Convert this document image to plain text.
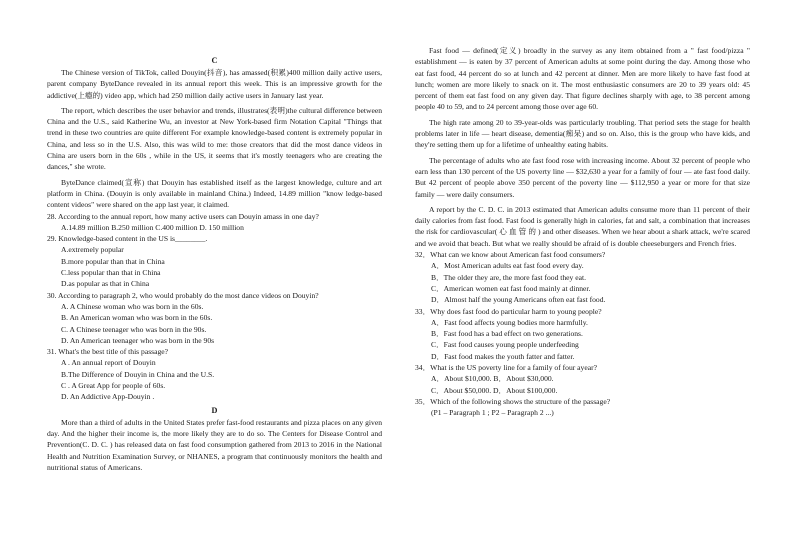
C

The Chinese version of TikTok, called Douyin(抖音), has amassed(积累)400 million daily active users, parent company ByteDance revealed in its annual report this week. This is an impressive growth for the addictive(上瘾的) video app, which had 250 million daily active users in January last year.

The report, which describes the user behavior and trends, illustrates(表明)the cultural difference between China and the U.S., said Katherine Wu, an investor at New York-based firm Notation Capital "Things that trend in these two countries are quite different For example knowledge-based content is extremely popular in China, and less so in the U.S. Also, this was wild to me: those creators that did the most dance videos in China are users born in the 60s , while in the US, it seems that it's mostly teenagers who are creating the dances," she wrote.

ByteDance claimed(宣称) that Douyin has established itself as the largest knowledge, culture and art platform in China. (Douyin is only available in mainland China.) Indeed, 14.89 million "know ledge-based content videos" were shared on the app last year, it claimed.

28. According to the annual report, how many active users can Douyin amass in one day?
A.14.89 million B.250 million C.400 million D. 150 million
29. Knowledge-based content in the US is________.
A.extremely popular
B.more popular than that in China
C.less popular than that in China
D.as popular as that in China
30. According to paragraph 2, who would probably do the most dance videos on Douyin?
A. A Chinese woman who was born in the 60s.
B. An American woman who was born in the 60s.
C. A Chinese teenager who was born in the 90s.
D. An American teenager who was born in the 90s
31. What's the best title of this passage?
A . An annual report of Douyin
B.The Difference of Douyin in China and the U.S.
C . A Great App for people of 60s.
D. An Addictive App-Douyin .
D

More than a third of adults in the United States prefer fast-food restaurants and pizza places on any given day. And the higher their income is, the more likely they are to do so. The Centers for Disease Control and Prevention(C. D. C. ) has released data on fast food consumption gathered from 2013 to 2016 in the National Health and Nutrition Examination Survey, or NHANES, a program that continuously monitors the health and nutritional status of Americans.

Fast food — defined(定义) broadly in the survey as any item obtained from a " fast food/pizza " establishment — is eaten by 37 percent of American adults at some point during the day. Among those who eat fast food, 44 percent do so at lunch and 42 percent at dinner. Men are more likely to have fast food at lunch; women are more likely to snack on it. The most enthusiastic consumers are 20 to 39 years old: 45 percent of them eat fast food on any given day. That figure declines sharply with age, to 38 percent among people 40 to 59, and to 24 percent among those over age 60.

The high rate among 20 to 39-year-olds was particularly troubling. That period sets the stage for health problems later in life — heart disease, dementia(痴呆) and so on. Also, this is the group who have kids, and they're setting them up for a lifetime of unhealthy eating habits.

The percentage of adults who ate fast food rose with increasing income. About 32 percent of people who earn less than 130 percent of the US poverty line — $32,630 a year for a family of four — ate fast food daily. But 42 percent of people above 350 percent of the poverty line — $112,950 a year or more for that size family — were daily consumers.

A report by the C. D. C. in 2013 estimated that American adults consume more than 11 percent of their daily calories from fast food. Fast food is generally high in calories, fat and salt, a combination that increases the risk for cardiovascular( 心 血 管 的 ) and other diseases. When we hear about a shark attack, we're scared and we avoid that beach. But what we really should be afraid of is double cheeseburgers and French fries.

32．What can we know about American fast food consumers?
A．Most American adults eat fast food every day.
B．The older they are, the more fast food they eat.
C．American women eat fast food mainly at dinner.
D．Almost half the young Americans often eat fast food.
33．Why does fast food do particular harm to young people?
A．Fast food affects young bodies more harmfully.
B．Fast food has a bad effect on two generations.
C．Fast food causes young people underfeeding
D．Fast food makes the youth fatter and fatter.
34．What is the US poverty line for a family of four ayear?
A．About $10,000. B．About $30,000.
C．About $50,000. D．About $100,000.
35．Which of the following shows the structure of the passage?
(P1 – Paragraph 1 ; P2 – Paragraph 2 ...)
